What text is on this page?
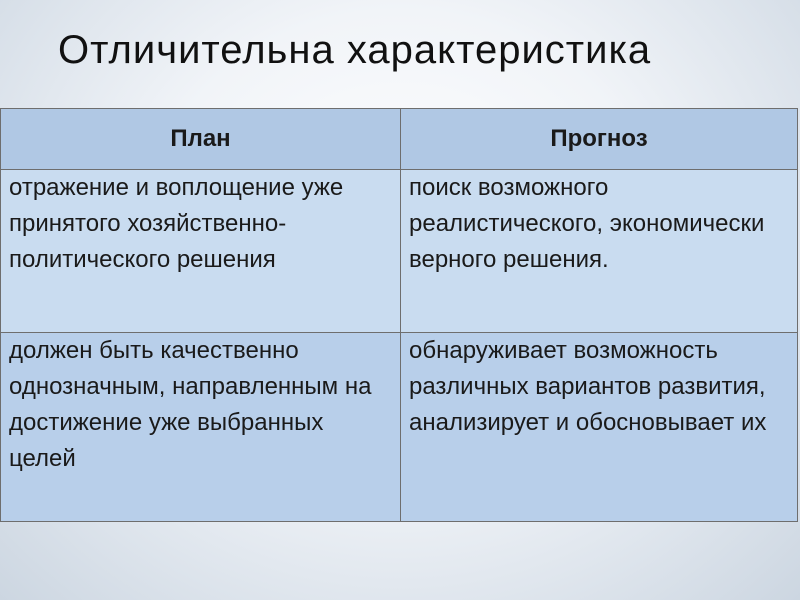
Отличительна характеристика
План	Прогноз
отражение и воплощение уже принятого хозяйственно-политического решения	поиск возможного реалистического, экономически верного решения.
должен быть качественно однозначным, направленным на достижение уже выбранных целей	обнаруживает возможность различных вариантов развития, анализирует и обосновывает их
